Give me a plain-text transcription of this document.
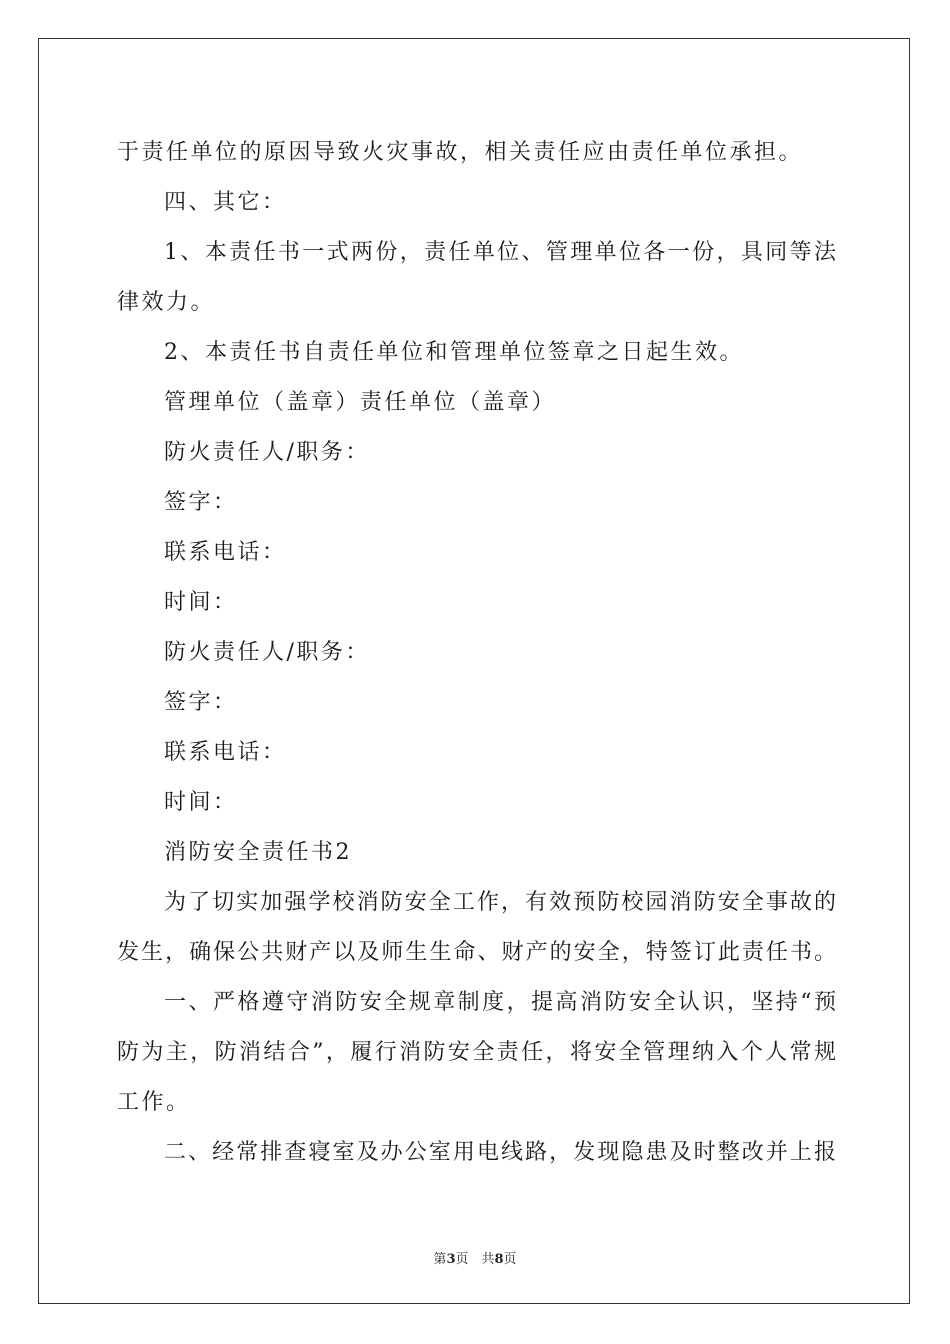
于责任单位的原因导致火灾事故，相关责任应由责任单位承担。
四、其它：
1、本责任书一式两份，责任单位、管理单位各一份，具同等法
律效力。
2、本责任书自责任单位和管理单位签章之日起生效。
管理单位（盖章）责任单位（盖章）
防火责任人/职务：
签字：
联系电话：
时间：
防火责任人/职务：
签字：
联系电话：
时间：
消防安全责任书2
为了切实加强学校消防安全工作，有效预防校园消防安全事故的
发生，确保公共财产以及师生生命、财产的安全，特签订此责任书。
一、严格遵守消防安全规章制度，提高消防安全认识，坚持“预
防为主，防消结合”，履行消防安全责任，将安全管理纳入个人常规
工作。
二、经常排查寝室及办公室用电线路，发现隐患及时整改并上报
第3页　共8页
